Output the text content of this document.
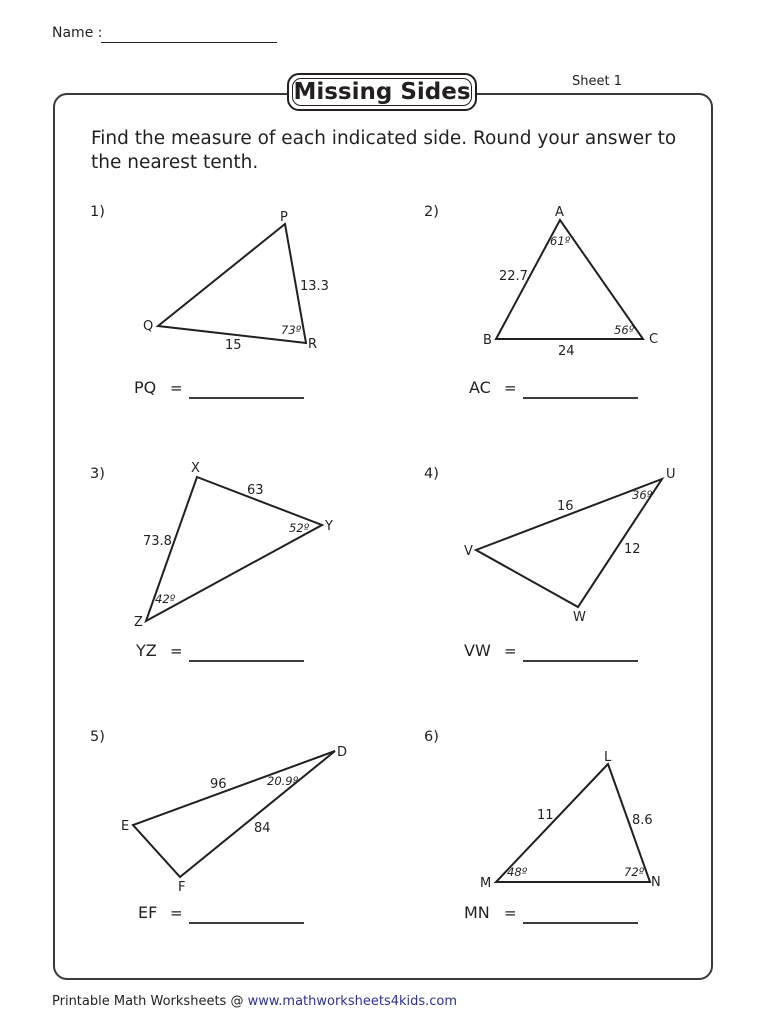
Name :
Missing Sides	Sheet 1
Find the measure of each indicated side. Round your answer to the nearest tenth.
1)	P
Q
R
13.3
15
73º
PQ =
2)	A
B	C
22.7
24
61º
56º
AC =
3)	X
Y
Z
63
73.8
52º
42º
YZ =
4)	U
V
W
16
12
36º
VW =
5)
D
E
F
96
84
20.9º
EF =
6)
L
M	N
11	8.6
48º	72º
MN =
Printable Math Worksheets @ www.mathworksheets4kids.com
